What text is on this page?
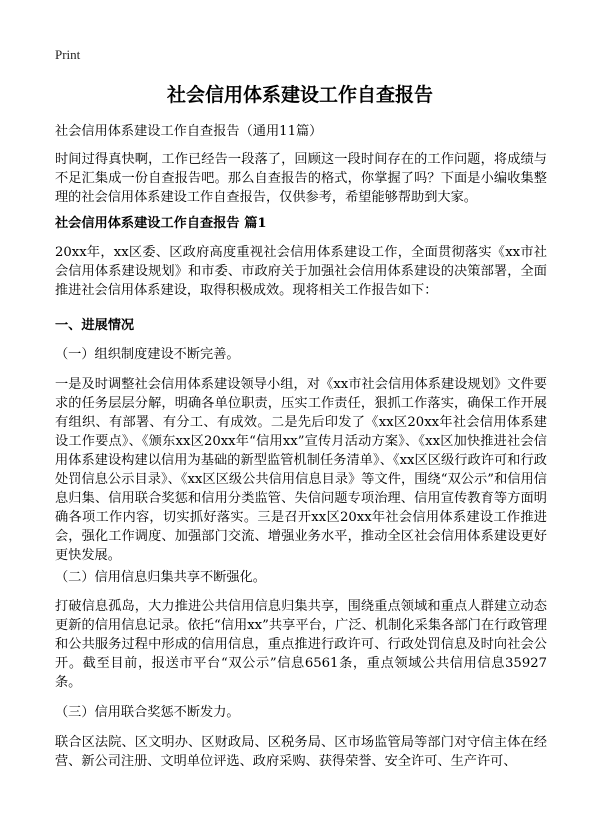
Print
社会信用体系建设工作自查报告

社会信用体系建设工作自查报告（通用11篇）

时间过得真快啊，工作已经告一段落了，回顾这一段时间存在的工作问题，将成绩与不足汇集成一份自查报告吧。那么自查报告的格式，你掌握了吗？下面是小编收集整理的社会信用体系建设工作自查报告，仅供参考，希望能够帮助到大家。

社会信用体系建设工作自查报告 篇1

20xx年，xx区委、区政府高度重视社会信用体系建设工作，全面贯彻落实《xx市社会信用体系建设规划》和市委、市政府关于加强社会信用体系建设的决策部署，全面推进社会信用体系建设，取得积极成效。现将相关工作报告如下：

一、进展情况

（一）组织制度建设不断完善。

一是及时调整社会信用体系建设领导小组，对《xx市社会信用体系建设规划》文件要求的任务层层分解，明确各单位职责，压实工作责任，狠抓工作落实，确保工作开展有组织、有部署、有分工、有成效。二是先后印发了《xx区20xx年社会信用体系建设工作要点》、《颁东xx区20xx年“信用xx”宣传月活动方案》、《xx区加快推进社会信用体系建设构建以信用为基础的新型监管机制任务清单》、《xx区区级行政许可和行政处罚信息公示目录》、《xx区区级公共信用信息目录》等文件，围绕“双公示”和信用信息归集、信用联合奖惩和信用分类监管、失信问题专项治理、信用宣传教育等方面明确各项工作内容，切实抓好落实。三是召开xx区20xx年社会信用体系建设工作推进会，强化工作调度、加强部门交流、增强业务水平，推动全区社会信用体系建设更好更快发展。

（二）信用信息归集共享不断强化。

打破信息孤岛，大力推进公共信用信息归集共享，围绕重点领域和重点人群建立动态更新的信用信息记录。依托“信用xx”共享平台，广泛、机制化采集各部门在行政管理和公共服务过程中形成的信用信息，重点推进行政许可、行政处罚信息及时向社会公开。截至目前，报送市平台“双公示”信息6561条，重点领域公共信用信息35927条。

（三）信用联合奖惩不断发力。

联合区法院、区文明办、区财政局、区税务局、区市场监管局等部门对守信主体在经营、新公司注册、文明单位评选、政府采购、获得荣誉、安全许可、生产许可、
